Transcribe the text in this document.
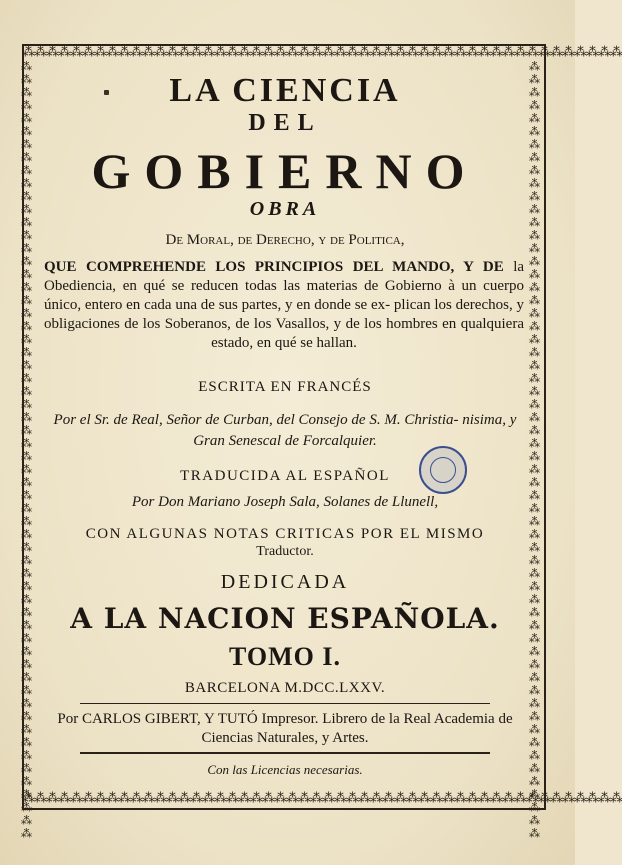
⁂⁂⁂⁂⁂⁂⁂⁂⁂⁂⁂⁂⁂⁂⁂⁂⁂⁂⁂⁂⁂⁂⁂⁂⁂⁂⁂⁂⁂⁂⁂⁂⁂⁂⁂⁂⁂⁂⁂⁂⁂⁂⁂⁂⁂⁂⁂⁂⁂⁂
⁂⁂⁂⁂⁂⁂⁂⁂⁂⁂⁂⁂⁂⁂⁂⁂⁂⁂⁂⁂⁂⁂⁂⁂⁂⁂⁂⁂⁂⁂⁂⁂⁂⁂⁂⁂⁂⁂⁂⁂⁂⁂⁂⁂⁂⁂⁂⁂⁂⁂
⁂⁂⁂⁂⁂⁂⁂⁂⁂⁂⁂⁂⁂⁂⁂⁂⁂⁂⁂⁂⁂⁂⁂⁂⁂⁂⁂⁂⁂⁂⁂⁂⁂⁂⁂⁂⁂⁂⁂⁂⁂⁂⁂⁂⁂⁂⁂⁂⁂⁂⁂⁂⁂⁂⁂⁂⁂⁂⁂⁂	⁂⁂⁂⁂⁂⁂⁂⁂⁂⁂⁂⁂⁂⁂⁂⁂⁂⁂⁂⁂⁂⁂⁂⁂⁂⁂⁂⁂⁂⁂⁂⁂⁂⁂⁂⁂⁂⁂⁂⁂⁂⁂⁂⁂⁂⁂⁂⁂⁂⁂⁂⁂⁂⁂⁂⁂⁂⁂⁂⁂
LA CIENCIA
DEL
GOBIERNO
OBRA
De Moral, de Derecho, y de Politica,
QUE COMPREHENDE LOS PRINCIPIOS DEL MANDO, Y DE la Obediencia, en qué se reducen todas las materias de Gobierno à un cuerpo único, entero en cada una de sus partes, y en donde se ex- plican los derechos, y obligaciones de los Soberanos, de los Vasallos, y de los hombres en qualquiera estado, en qué se hallan.
ESCRITA EN FRANCÉS
Por el Sr. de Real, Señor de Curban, del Consejo de S. M. Christia- nisima, y Gran Senescal de Forcalquier.
TRADUCIDA AL ESPAÑOL
Por Don Mariano Joseph Sala, Solanes de Llunell,
CON ALGUNAS NOTAS CRITICAS POR EL MISMO
Traductor.
DEDICADA
A LA NACION ESPAÑOLA.
TOMO I.
BARCELONA M.DCC.LXXV.
Por CARLOS GIBERT, Y TUTÓ Impresor. Librero de la Real Academia de Ciencias Naturales, y Artes.
Con las Licencias necesarias.
